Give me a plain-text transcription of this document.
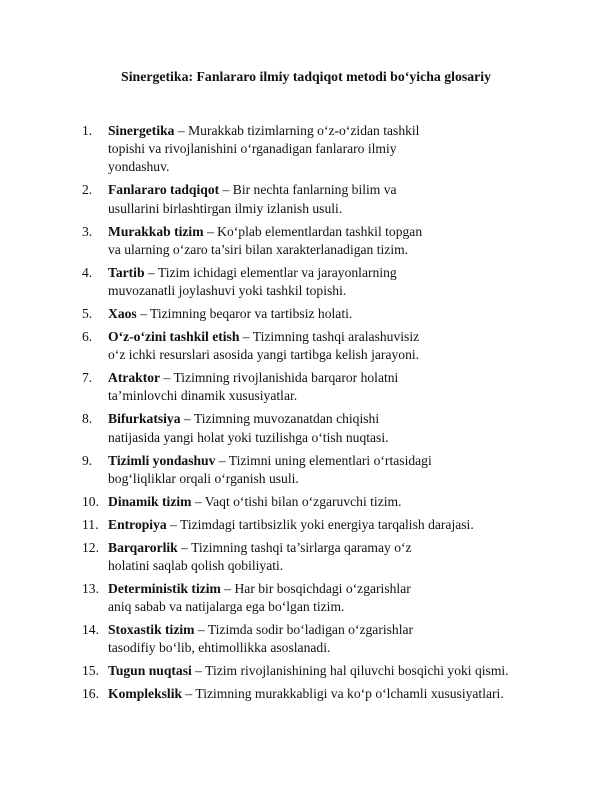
Sinergetika: Fanlararo ilmiy tadqiqot metodi bo‘yicha glosariy
1.	Sinergetika – Murakkab tizimlarning o‘z-o‘zidan tashkil topishi va rivojlanishini o‘rganadigan fanlararo ilmiy yondashuv.
2.	Fanlararo tadqiqot – Bir nechta fanlarning bilim va usullarini birlashtirgan ilmiy izlanish usuli.
3.	Murakkab tizim – Ko‘plab elementlardan tashkil topgan va ularning o‘zaro ta’siri bilan xarakterlanadigan tizim.
4.	Tartib – Tizim ichidagi elementlar va jarayonlarning muvozanatli joylashuvi yoki tashkil topishi.
5.	Xaos – Tizimning beqaror va tartibsiz holati.
6.	O‘z-o‘zini tashkil etish – Tizimning tashqi aralashuvisiz o‘z ichki resurslari asosida yangi tartibga kelish jarayoni.
7.	Atraktor – Tizimning rivojlanishida barqaror holatni ta’minlovchi dinamik xususiyatlar.
8.	Bifurkatsiya – Tizimning muvozanatdan chiqishi natijasida yangi holat yoki tuzilishga o‘tish nuqtasi.
9.	Tizimli yondashuv – Tizimni uning elementlari o‘rtasidagi bog‘liqliklar orqali o‘rganish usuli.
10. Dinamik tizim – Vaqt o‘tishi bilan o‘zgaruvchi tizim.
11. Entropiya – Tizimdagi tartibsizlik yoki energiya tarqalish darajasi.
12. Barqarorlik – Tizimning tashqi ta’sirlarga qaramay o‘z holatini saqlab qolish qobiliyati.
13. Deterministik tizim – Har bir bosqichdagi o‘zgarishlar aniq sabab va natijalarga ega bo‘lgan tizim.
14. Stoxastik tizim – Tizimda sodir bo‘ladigan o‘zgarishlar tasodifiy bo‘lib, ehtimollikka asoslanadi.
15. Tugun nuqtasi – Tizim rivojlanishining hal qiluvchi bosqichi yoki qismi.
16. Komplekslik – Tizimning murakkabligi va ko‘p o‘lchamli xususiyatlari.
